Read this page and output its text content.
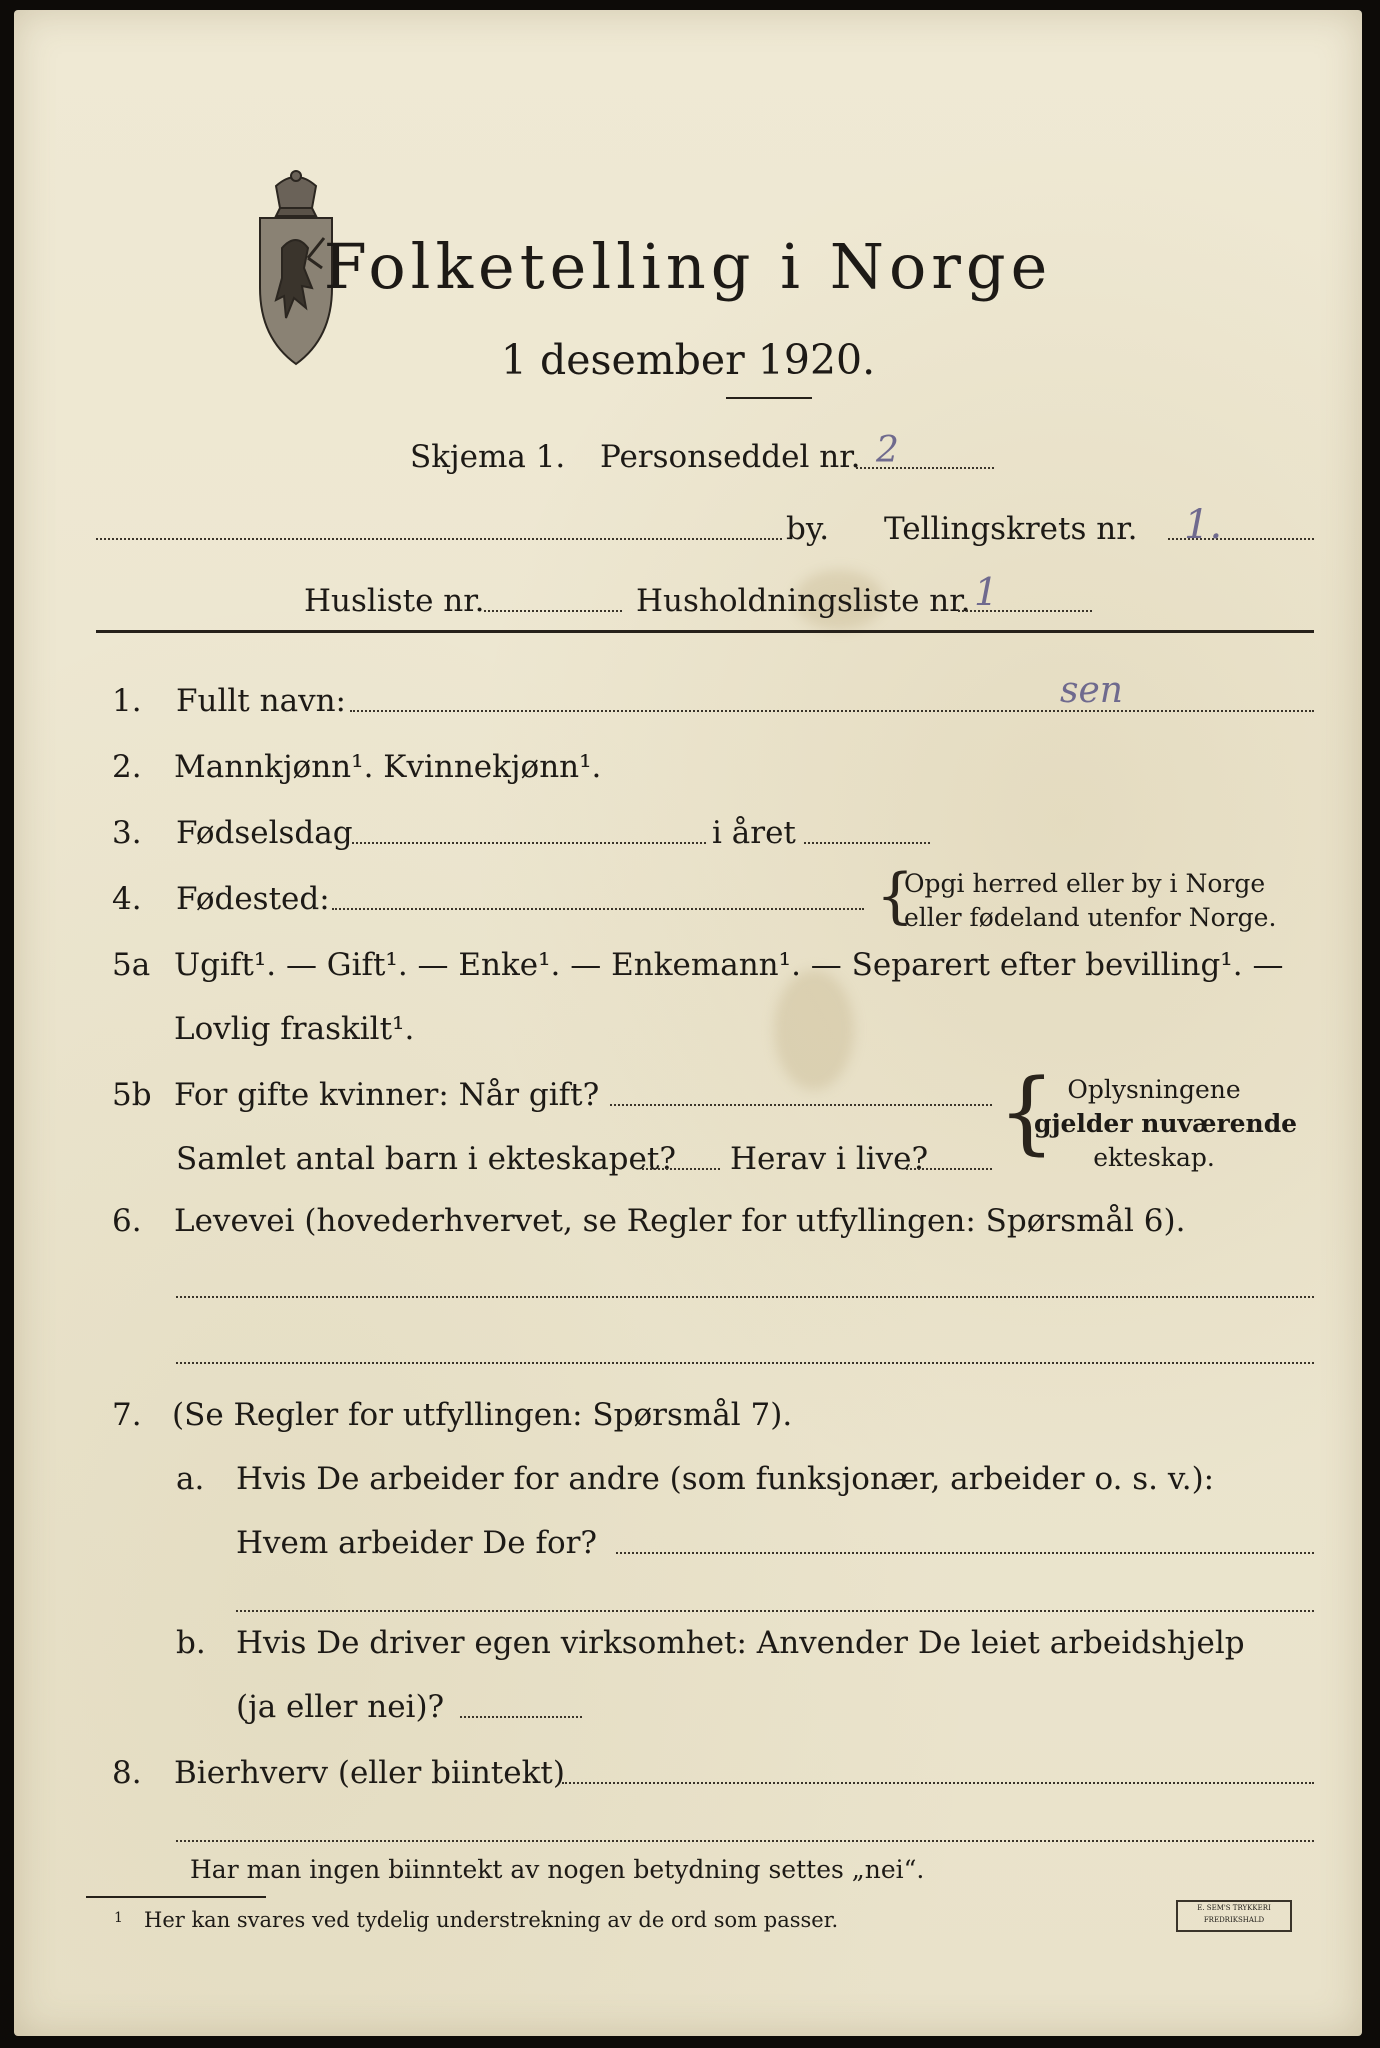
Folketelling i Norge
1 desember 1920.
Skjema 1. Personseddel nr. 2
by. Tellingskrets nr. 1.
Husliste nr.	Husholdningsliste nr. 1
1. Fullt navn:	sen
2. Mannkjønn¹. Kvinnekjønn¹.
3. Fødselsdag	i året
4. Fødested:	{
Opgi herred eller by i Norge
eller fødeland utenfor Norge.
5a Ugift¹. — Gift¹. — Enke¹. — Enkemann¹. — Separert efter bevilling¹. —
Lovlig fraskilt¹.
5b For gifte kvinner: Når gift?
Samlet antal barn i ekteskapet? Herav i live? { Oplysningene
gjelder nuværende
ekteskap.
6. Levevei (hovederhvervet, se Regler for utfyllingen: Spørsmål 6).
7. (Se Regler for utfyllingen: Spørsmål 7).
a. Hvis De arbeider for andre (som funksjonær, arbeider o. s. v.):
Hvem arbeider De for?
b. Hvis De driver egen virksomhet: Anvender De leiet arbeidshjelp
(ja eller nei)?
8. Bierhverv (eller biintekt)
Har man ingen biinntekt av nogen betydning settes „nei“.
1 Her kan svares ved tydelig understrekning av de ord som passer.	E. SEM'S TRYKKERI
FREDRIKSHALD
